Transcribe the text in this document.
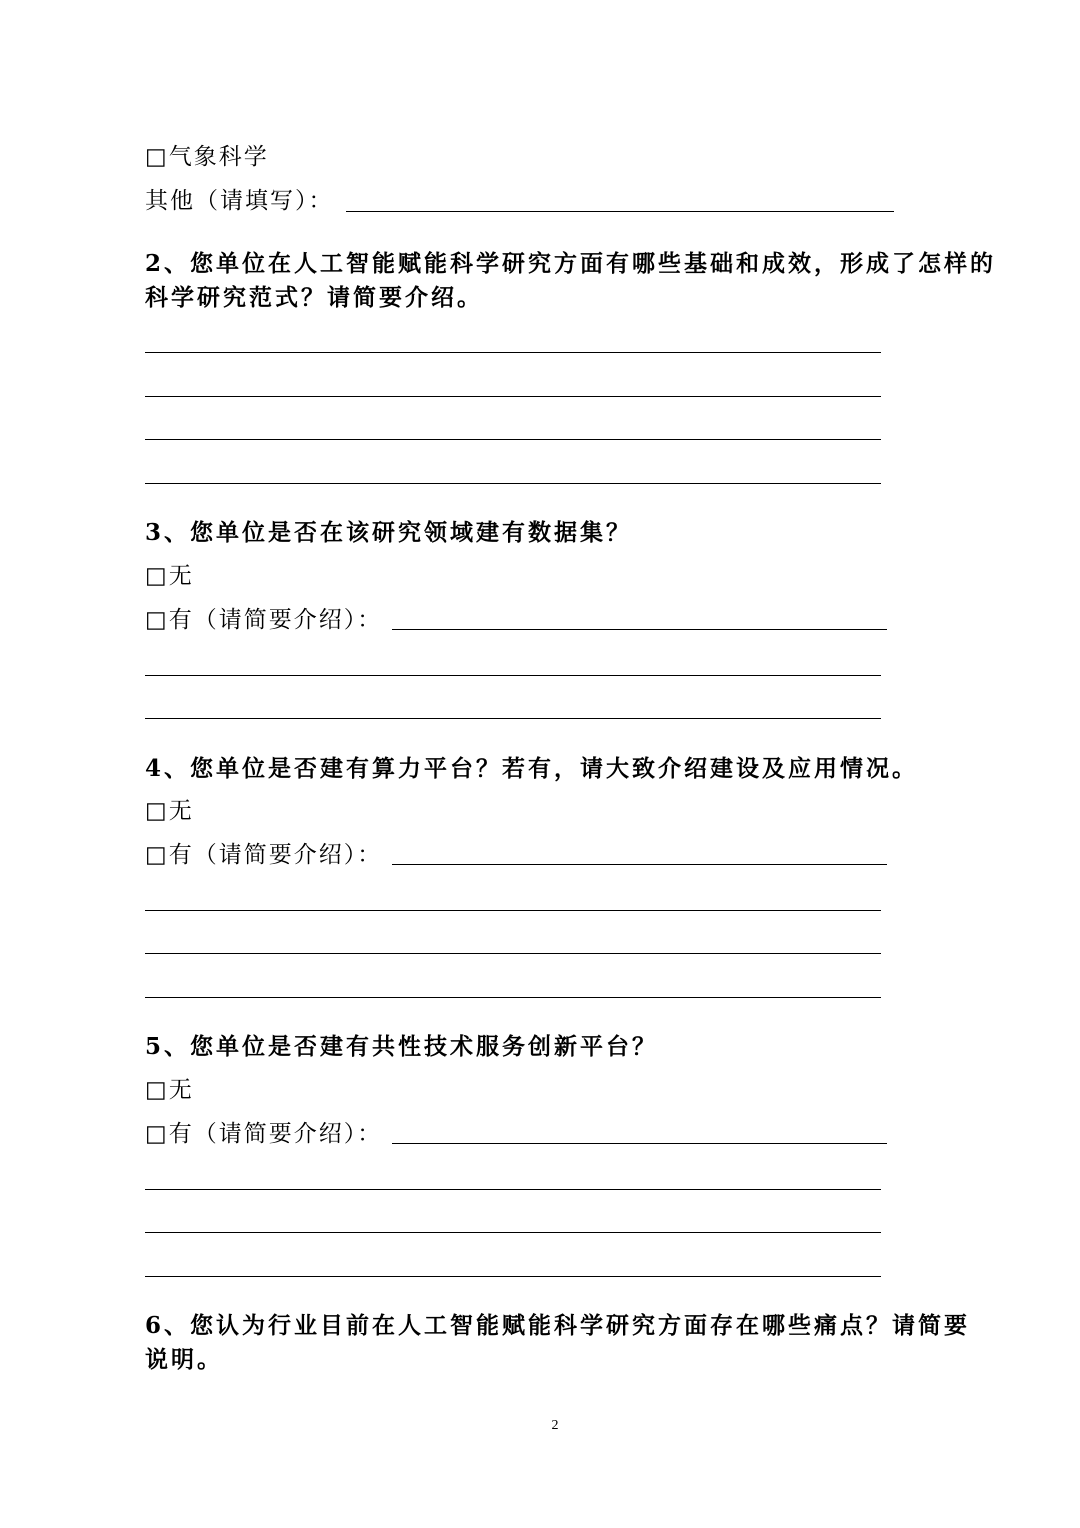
□气象科学
其他（请填写）：
2、您单位在人工智能赋能科学研究方面有哪些基础和成效，形成了怎样的
科学研究范式？请简要介绍。
3、您单位是否在该研究领域建有数据集？
□无
□有（请简要介绍）：
4、您单位是否建有算力平台？若有，请大致介绍建设及应用情况。
□无
□有（请简要介绍）：
5、您单位是否建有共性技术服务创新平台？
□无
□有（请简要介绍）：
6、您认为行业目前在人工智能赋能科学研究方面存在哪些痛点？请简要
说明。
2
